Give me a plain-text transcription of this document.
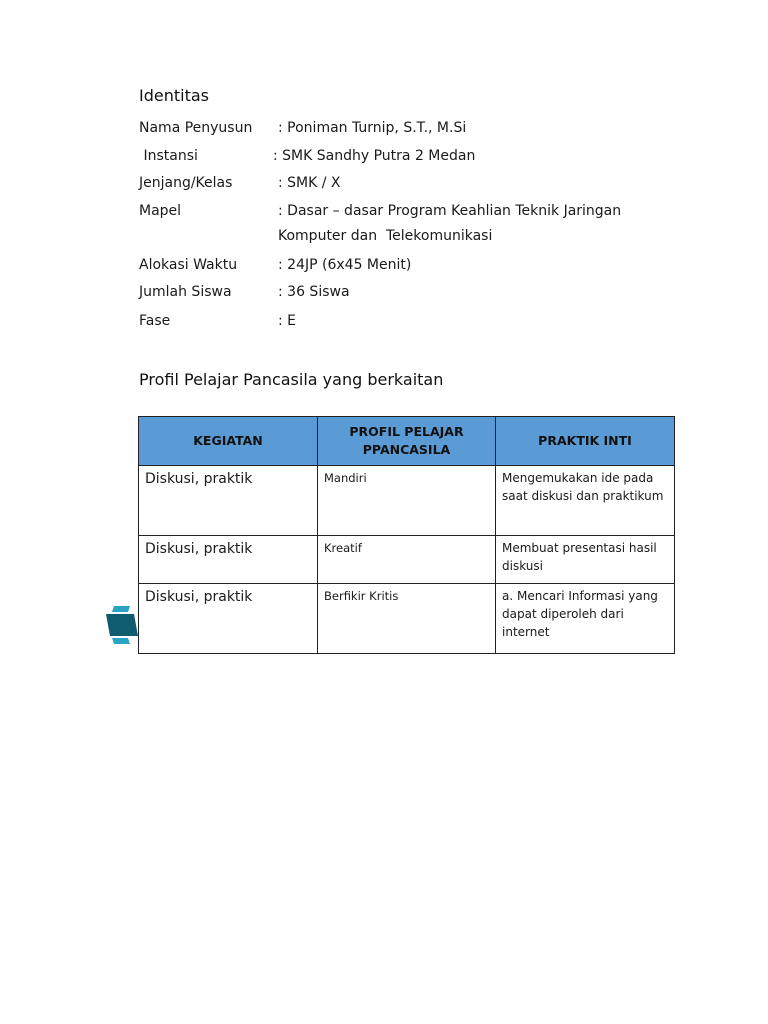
Identitas
Nama Penyusun : Poniman Turnip, S.T., M.Si
Instansi	: SMK Sandhy Putra 2 Medan
Jenjang/Kelas	: SMK / X
Mapel	: Dasar – dasar Program Keahlian Teknik Jaringan
Komputer dan  Telekomunikasi
Alokasi Waktu	: 24JP (6x45 Menit)
Jumlah Siswa	: 36 Siswa
Fase	: E
Profil Pelajar Pancasila yang berkaitan
KEGIATAN	PROFIL PELAJAR PPANCASILA	PRAKTIK INTI
Diskusi, praktik	Mandiri	Mengemukakan ide pada saat diskusi dan praktikum
Diskusi, praktik	Kreatif	Membuat presentasi hasil diskusi
Diskusi, praktik	Berfikir Kritis	a. Mencari Informasi yang dapat diperoleh dari internet
